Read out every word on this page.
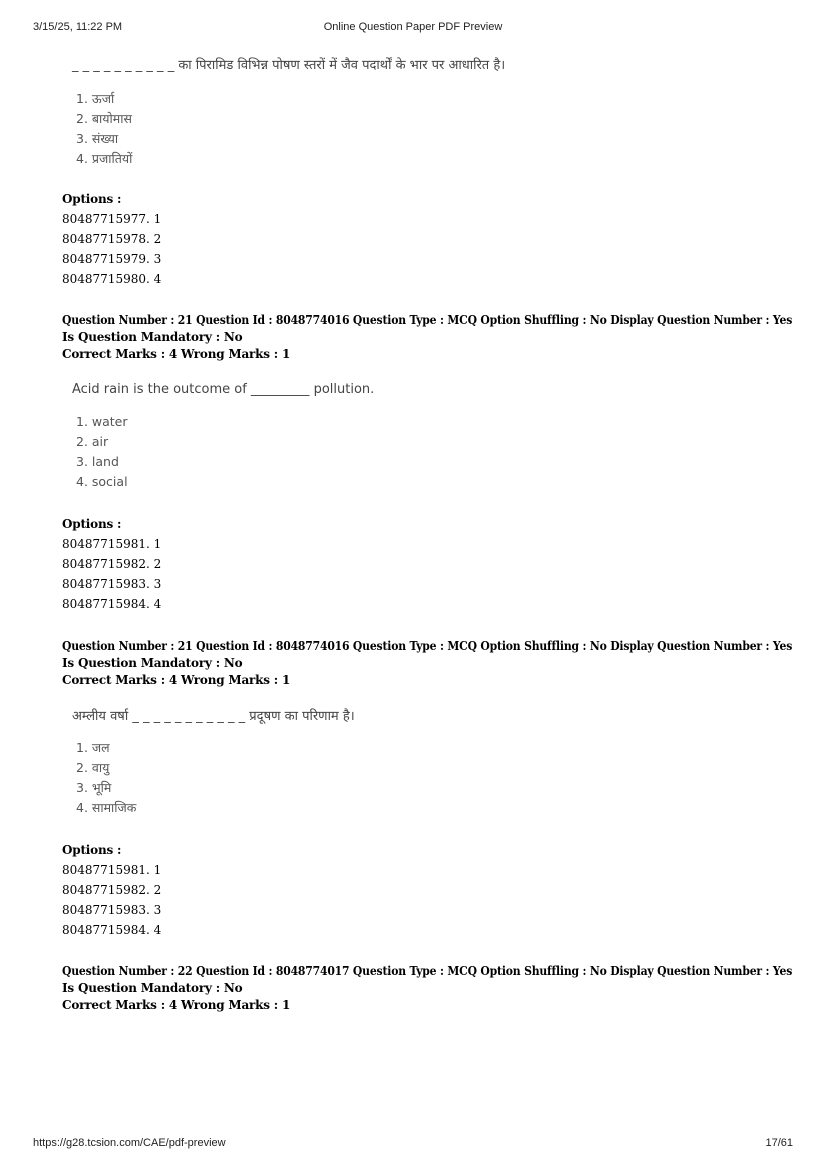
3/15/25, 11:22 PM	Online Question Paper PDF Preview
_ _ _ _ _ _ _ _ _ _ का पिरामिड विभिन्न पोषण स्तरों में जैव पदार्थों के भार पर आधारित है।
1. ऊर्जा
2. बायोमास
3. संख्या
4. प्रजातियों
Options :
80487715977. 1
80487715978. 2
80487715979. 3
80487715980. 4
Question Number : 21 Question Id : 8048774016 Question Type : MCQ Option Shuffling : No Display Question Number : Yes
Is Question Mandatory : No
Correct Marks : 4 Wrong Marks : 1
Acid rain is the outcome of _________ pollution.
1. water
2. air
3. land
4. social
Options :
80487715981. 1
80487715982. 2
80487715983. 3
80487715984. 4
Question Number : 21 Question Id : 8048774016 Question Type : MCQ Option Shuffling : No Display Question Number : Yes
Is Question Mandatory : No
Correct Marks : 4 Wrong Marks : 1
अम्लीय वर्षा _ _ _ _ _ _ _ _ _ _ _ प्रदूषण का परिणाम है।
1. जल
2. वायु
3. भूमि
4. सामाजिक
Options :
80487715981. 1
80487715982. 2
80487715983. 3
80487715984. 4
Question Number : 22 Question Id : 8048774017 Question Type : MCQ Option Shuffling : No Display Question Number : Yes
Is Question Mandatory : No
Correct Marks : 4 Wrong Marks : 1
https://g28.tcsion.com/CAE/pdf-preview	17/61
